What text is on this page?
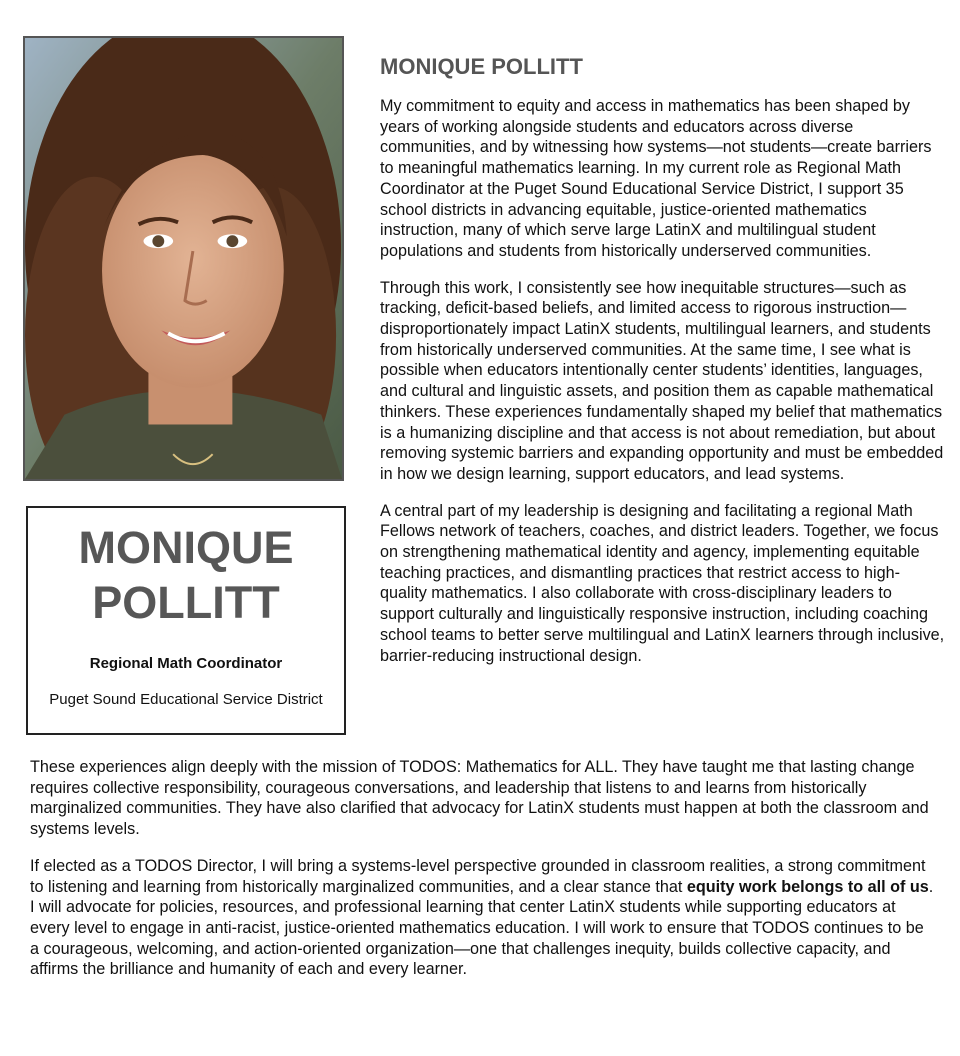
MONIQUE
POLLITT
Regional Math Coordinator
Puget Sound Educational Service District
MONIQUE POLLITT

My commitment to equity and access in mathematics has been shaped by years of working alongside students and educators across diverse communities, and by witnessing how systems—not students—create barriers to meaningful mathematics learning. In my current role as Regional Math Coordinator at the Puget Sound Educational Service District, I support 35 school districts in advancing equitable, justice-oriented mathematics instruction, many of which serve large LatinX and multilingual student populations and students from historically underserved communities.

Through this work, I consistently see how inequitable structures—such as tracking, deficit-based beliefs, and limited access to rigorous instruction—disproportionately impact LatinX students, multilingual learners, and students from historically underserved communities. At the same time, I see what is possible when educators intentionally center students’ identities, languages, and cultural and linguistic assets, and position them as capable mathematical thinkers. These experiences fundamentally shaped my belief that mathematics is a humanizing discipline and that access is not about remediation, but about removing systemic barriers and expanding opportunity and must be embedded in how we design learning, support educators, and lead systems.

A central part of my leadership is designing and facilitating a regional Math Fellows network of teachers, coaches, and district leaders. Together, we focus on strengthening mathematical identity and agency, implementing equitable teaching practices, and dismantling practices that restrict access to high-quality mathematics. I also collaborate with cross-disciplinary leaders to support culturally and linguistically responsive instruction, including coaching school teams to better serve multilingual and LatinX learners through inclusive, barrier-reducing instructional design.

These experiences align deeply with the mission of TODOS: Mathematics for ALL. They have taught me that lasting change requires collective responsibility, courageous conversations, and leadership that listens to and learns from historically marginalized communities. They have also clarified that advocacy for LatinX students must happen at both the classroom and systems levels.

If elected as a TODOS Director, I will bring a systems-level perspective grounded in classroom realities, a strong commitment to listening and learning from historically marginalized communities, and a clear stance that equity work belongs to all of us. I will advocate for policies, resources, and professional learning that center LatinX students while supporting educators at every level to engage in anti-racist, justice-oriented mathematics education. I will work to ensure that TODOS continues to be a courageous, welcoming, and action-oriented organization—one that challenges inequity, builds collective capacity, and affirms the brilliance and humanity of each and every learner.
